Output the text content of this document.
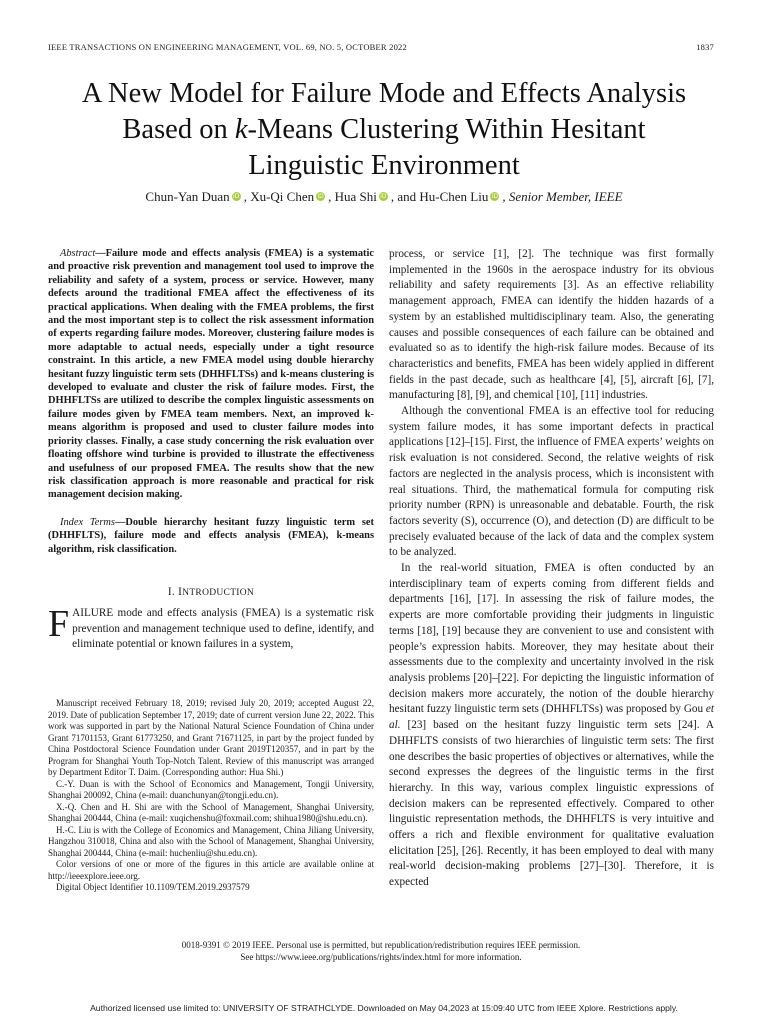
IEEE TRANSACTIONS ON ENGINEERING MANAGEMENT, VOL. 69, NO. 5, OCTOBER 2022	1837
A New Model for Failure Mode and Effects Analysis
Based on k-Means Clustering Within Hesitant
Linguistic Environment
Chun-Yan Duan iD , Xu-Qi Chen iD , Hua Shi iD , and Hu-Chen Liu iD , Senior Member, IEEE
Abstract—Failure mode and effects analysis (FMEA) is a systematic and proactive risk prevention and management tool used to improve the reliability and safety of a system, process or service. However, many defects around the traditional FMEA affect the effectiveness of its practical applications. When dealing with the FMEA problems, the first and the most important step is to collect the risk assessment information of experts regarding failure modes. Moreover, clustering failure modes is more adaptable to actual needs, especially under a tight resource constraint. In this article, a new FMEA model using double hierarchy hesitant fuzzy linguistic term sets (DHHFLTSs) and k-means clustering is developed to evaluate and cluster the risk of failure modes. First, the DHHFLTSs are utilized to describe the complex linguistic assessments on failure modes given by FMEA team members. Next, an improved k-means algorithm is proposed and used to cluster failure modes into priority classes. Finally, a case study concerning the risk evaluation over floating offshore wind turbine is provided to illustrate the effectiveness and usefulness of our proposed FMEA. The results show that the new risk classification approach is more reasonable and practical for risk management decision making.
Index Terms—Double hierarchy hesitant fuzzy linguistic term set (DHHFLTS), failure mode and effects analysis (FMEA), k-means algorithm, risk classification.
I. INTRODUCTION
FAILURE mode and effects analysis (FMEA) is a systematic risk prevention and management technique used to define, identify, and eliminate potential or known failures in a system,

Manuscript received February 18, 2019; revised July 20, 2019; accepted August 22, 2019. Date of publication September 17, 2019; date of current version June 22, 2022. This work was supported in part by the National Natural Science Foundation of China under Grant 71701153, Grant 61773250, and Grant 71671125, in part by the project funded by China Postdoctoral Science Foundation under Grant 2019T120357, and in part by the Program for Shanghai Youth Top-Notch Talent. Review of this manuscript was arranged by Department Editor T. Daim. (Corresponding author: Hua Shi.)

C.-Y. Duan is with the School of Economics and Management, Tongji University, Shanghai 200092, China (e-mail: duanchunyan@tongji.edu.cn).

X.-Q. Chen and H. Shi are with the School of Management, Shanghai University, Shanghai 200444, China (e-mail: xuqichenshu@foxmail.com; shihua1980@shu.edu.cn).

H.-C. Liu is with the College of Economics and Management, China Jiliang University, Hangzhou 310018, China and also with the School of Management, Shanghai University, Shanghai 200444, China (e-mail: huchenliu@shu.edu.cn).

Color versions of one or more of the figures in this article are available online at http://ieeexplore.ieee.org.

Digital Object Identifier 10.1109/TEM.2019.2937579

process, or service [1], [2]. The technique was first formally implemented in the 1960s in the aerospace industry for its obvious reliability and safety requirements [3]. As an effective reliability management approach, FMEA can identify the hidden hazards of a system by an established multidisciplinary team. Also, the generating causes and possible consequences of each failure can be obtained and evaluated so as to identify the high-risk failure modes. Because of its characteristics and benefits, FMEA has been widely applied in different fields in the past decade, such as healthcare [4], [5], aircraft [6], [7], manufacturing [8], [9], and chemical [10], [11] industries.

Although the conventional FMEA is an effective tool for reducing system failure modes, it has some important defects in practical applications [12]–[15]. First, the influence of FMEA experts’ weights on risk evaluation is not considered. Second, the relative weights of risk factors are neglected in the analysis process, which is inconsistent with real situations. Third, the mathematical formula for computing risk priority number (RPN) is unreasonable and debatable. Fourth, the risk factors severity (S), occurrence (O), and detection (D) are difficult to be precisely evaluated because of the lack of data and the complex system to be analyzed.

In the real-world situation, FMEA is often conducted by an interdisciplinary team of experts coming from different fields and departments [16], [17]. In assessing the risk of failure modes, the experts are more comfortable providing their judgments in linguistic terms [18], [19] because they are convenient to use and consistent with people’s expression habits. Moreover, they may hesitate about their assessments due to the complexity and uncertainty involved in the risk analysis problems [20]–[22]. For depicting the linguistic information of decision makers more accurately, the notion of the double hierarchy hesitant fuzzy linguistic term sets (DHHFLTSs) was proposed by Gou et al. [23] based on the hesitant fuzzy linguistic term sets [24]. A DHHFLTS consists of two hierarchies of linguistic term sets: The first one describes the basic properties of objectives or alternatives, while the second expresses the degrees of the linguistic terms in the first hierarchy. In this way, various complex linguistic expressions of decision makers can be represented effectively. Compared to other linguistic representation methods, the DHHFLTS is very intuitive and offers a rich and flexible environment for qualitative evaluation elicitation [25], [26]. Recently, it has been employed to deal with many real-world decision-making problems [27]–[30]. Therefore, it is expected

0018-9391 © 2019 IEEE. Personal use is permitted, but republication/redistribution requires IEEE permission.
See https://www.ieee.org/publications/rights/index.html for more information.
Authorized licensed use limited to: UNIVERSITY OF STRATHCLYDE. Downloaded on May 04,2023 at 15:09:40 UTC from IEEE Xplore. Restrictions apply.
